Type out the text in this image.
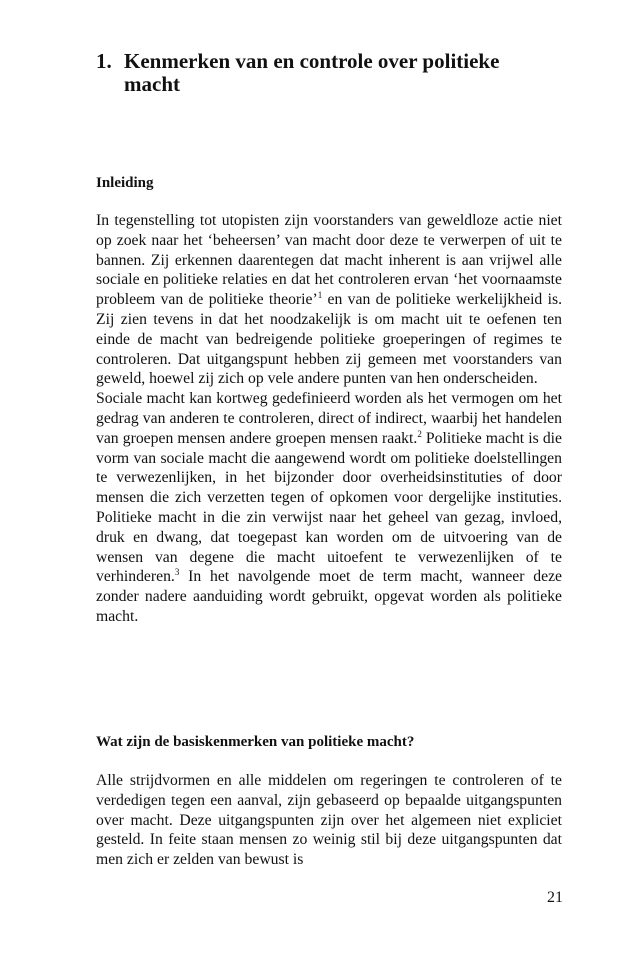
1. Kenmerken van en controle over politieke macht
Inleiding

In tegenstelling tot utopisten zijn voorstanders van geweldloze actie niet op zoek naar het ‘beheersen’ van macht door deze te verwerpen of uit te bannen. Zij erkennen daarentegen dat macht inherent is aan vrijwel alle sociale en politieke relaties en dat het controleren ervan ‘het voornaamste probleem van de politieke theorie’$^1$ en van de politieke werkelijkheid is. Zij zien tevens in dat het noodzakelijk is om macht uit te oefenen ten einde de macht van bedreigende politieke groeperingen of regimes te controleren. Dat uitgangspunt hebben zij gemeen met voorstanders van geweld, hoewel zij zich op vele andere punten van hen onderscheiden.

Sociale macht kan kortweg gedefinieerd worden als het vermogen om het gedrag van anderen te controleren, direct of indirect, waarbij het handelen van groepen mensen andere groepen mensen raakt.$^2$ Politieke macht is die vorm van sociale macht die aangewend wordt om politieke doelstellingen te verwezenlijken, in het bijzonder door overheidsinstituties of door mensen die zich verzetten tegen of opkomen voor dergelijke instituties. Politieke macht in die zin verwijst naar het geheel van gezag, invloed, druk en dwang, dat toegepast kan worden om de uitvoering van de wensen van degene die macht uitoefent te verwezenlijken of te verhinderen.$^3$ In het navolgende moet de term macht, wanneer deze zonder nadere aanduiding wordt gebruikt, opgevat worden als politieke macht.

Wat zijn de basiskenmerken van politieke macht?

Alle strijdvormen en alle middelen om regeringen te controleren of te verdedigen tegen een aanval, zijn gebaseerd op bepaalde uitgangspunten over macht. Deze uitgangspunten zijn over het algemeen niet expliciet gesteld. In feite staan mensen zo weinig stil bij deze uitgangspunten dat men zich er zelden van bewust is

21
